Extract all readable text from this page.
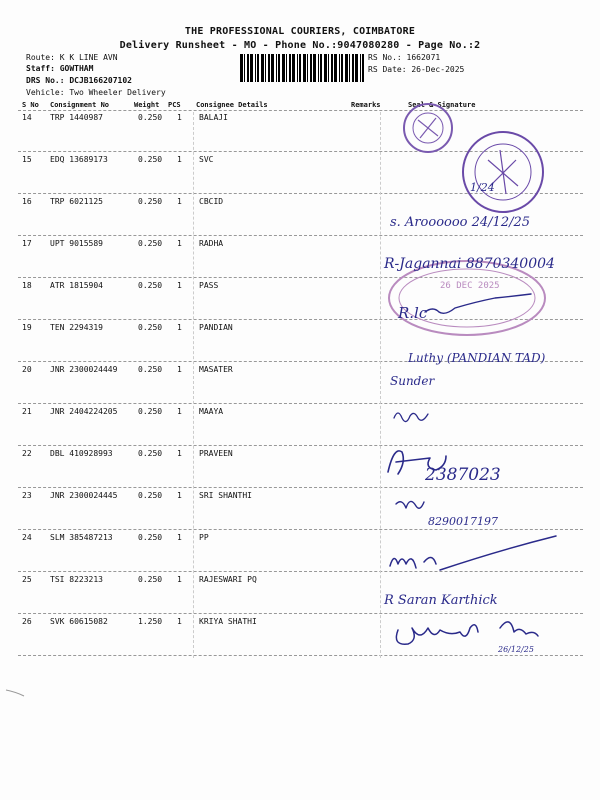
THE PROFESSIONAL COURIERS, COIMBATORE
Delivery Runsheet - MO - Phone No.:9047080280 - Page No.:2
Route: K K LINE AVN
Staff: GOWTHAM
DRS No.: DCJB166207102
Vehicle: Two Wheeler Delivery
RS No.: 1662071
RS Date: 26-Dec-2025
S No Consignment No	Weight PCS Consignee Details	Remarks	Seal & Signature
14 TRP 1440987	0.250 1 BALAJI
15 EDQ 13689173	0.250 1 SVC
16 TRP 6021125	0.250 1 CBCID
17 UPT 9015589	0.250 1 RADHA
18 ATR 1815904	0.250 1 PASS
19 TEN 2294319	0.250 1 PANDIAN
20 JNR 2300024449	0.250 1 MASATER
21 JNR 2404224205	0.250 1 MAAYA
22 DBL 410928993	0.250 1 PRAVEEN
23 JNR 2300024445	0.250 1 SRI SHANTHI
24 SLM 385487213	0.250 1 PP
25 TSI 8223213	0.250 1 RAJESWARI PQ
26 SVK 60615082	1.250 1 KRIYA SHATHI
26 DEC 2025
1/24
s. Aroooooo 24/12/25
R-Jagannai 8870340004
R.lc
Luthy (PANDIAN TAD)
Sunder
2387023
8290017197
R Saran Karthick
26/12/25
